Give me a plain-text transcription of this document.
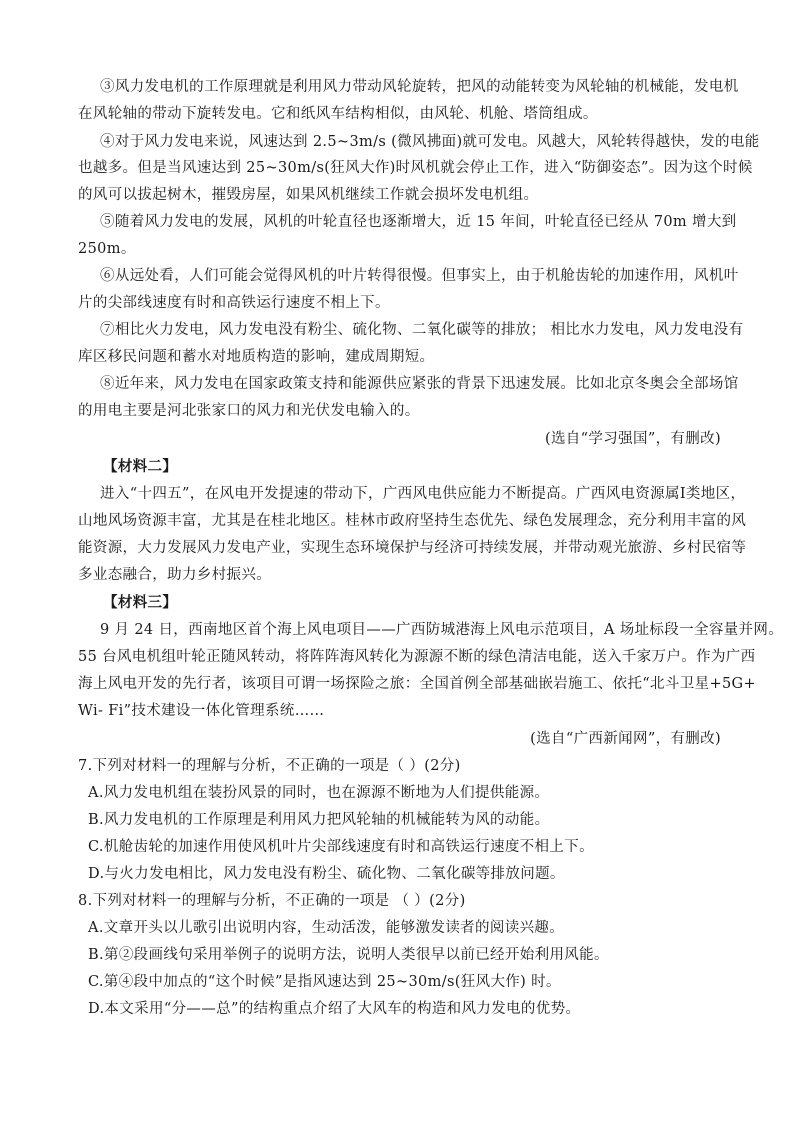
③风力发电机的工作原理就是利用风力带动风轮旋转，把风的动能转变为风轮轴的机械能，发电机
在风轮轴的带动下旋转发电。它和纸风车结构相似，由风轮、机舱、塔筒组成。
④对于风力发电来说，风速达到 2.5~3m/s (微风拂面)就可发电。风越大，风轮转得越快，发的电能
也越多。但是当风速达到 25~30m/s(狂风大作)时风机就会停止工作，进入“防御姿态”。因为这个时候
的风可以拔起树木，摧毁房屋，如果风机继续工作就会损坏发电机组。
⑤随着风力发电的发展，风机的叶轮直径也逐渐增大，近 15 年间，叶轮直径已经从 70m 增大到
250m。
⑥从远处看，人们可能会觉得风机的叶片转得很慢。但事实上，由于机舱齿轮的加速作用，风机叶
片的尖部线速度有时和高铁运行速度不相上下。
⑦相比火力发电，风力发电没有粉尘、硫化物、二氧化碳等的排放； 相比水力发电，风力发电没有
库区移民问题和蓄水对地质构造的影响，建成周期短。
⑧近年来，风力发电在国家政策支持和能源供应紧张的背景下迅速发展。比如北京冬奥会全部场馆
的用电主要是河北张家口的风力和光伏发电输入的。
(选自“学习强国”，有删改)
【材料二】
进入“十四五”，在风电开发提速的带动下，广西风电供应能力不断提高。广西风电资源属Ⅰ类地区，
山地风场资源丰富，尤其是在桂北地区。桂林市政府坚持生态优先、绿色发展理念，充分利用丰富的风
能资源，大力发展风力发电产业，实现生态环境保护与经济可持续发展，并带动观光旅游、乡村民宿等
多业态融合，助力乡村振兴。
【材料三】
9 月 24 日，西南地区首个海上风电项目——广西防城港海上风电示范项目，A 场址标段一全容量并网。
55 台风电机组叶轮正随风转动，将阵阵海风转化为源源不断的绿色清洁电能，送入千家万户。作为广西
海上风电开发的先行者，该项目可谓一场探险之旅：全国首例全部基础嵌岩施工、依托“北斗卫星+5G+
Wi- Fi”技术建设一体化管理系统……
(选自“广西新闻网”，有删改)
7.下列对材料一的理解与分析，不正确的一项是（ ）(2分)
A.风力发电机组在装扮风景的同时，也在源源不断地为人们提供能源。
B.风力发电机的工作原理是利用风力把风轮轴的机械能转为风的动能。
C.机舱齿轮的加速作用使风机叶片尖部线速度有时和高铁运行速度不相上下。
D.与火力发电相比，风力发电没有粉尘、硫化物、二氧化碳等排放问题。
8.下列对材料一的理解与分析，不正确的一项是 （ ）(2分)
A.文章开头以儿歌引出说明内容，生动活泼，能够激发读者的阅读兴趣。
B.第②段画线句采用举例子的说明方法，说明人类很早以前已经开始利用风能。
C.第④段中加点的“这个时候”是指风速达到 25~30m/s(狂风大作) 时。
D.本文采用“分——总”的结构重点介绍了大风车的构造和风力发电的优势。
